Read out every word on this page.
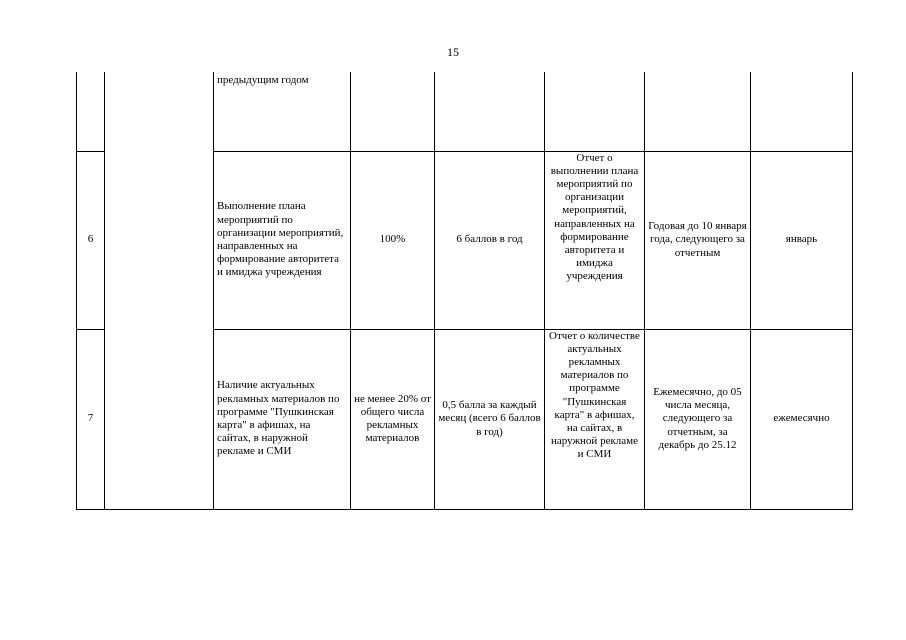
15
		предыдущим годом					
6		Выполнение плана мероприятий по организации мероприятий, направленных на формирование авторитета и имиджа учреждения	100%	6 баллов в год	Отчет о выполнении плана мероприятий по организации мероприятий, направленных на формирование авторитета и имиджа учреждения	Годовая до 10 января года, следующего за отчетным	январь
7		Наличие актуальных рекламных материалов по программе "Пушкинская карта" в афишах, на сайтах, в наружной рекламе и СМИ	не менее 20% от общего числа рекламных материалов	0,5 балла за каждый месяц (всего 6 баллов в год)	Отчет о количестве актуальных рекламных материалов по программе "Пушкинская карта" в афишах, на сайтах, в наружной рекламе и СМИ	Ежемесячно, до 05 числа месяца, следующего за отчетным, за декабрь до 25.12	ежемесячно
